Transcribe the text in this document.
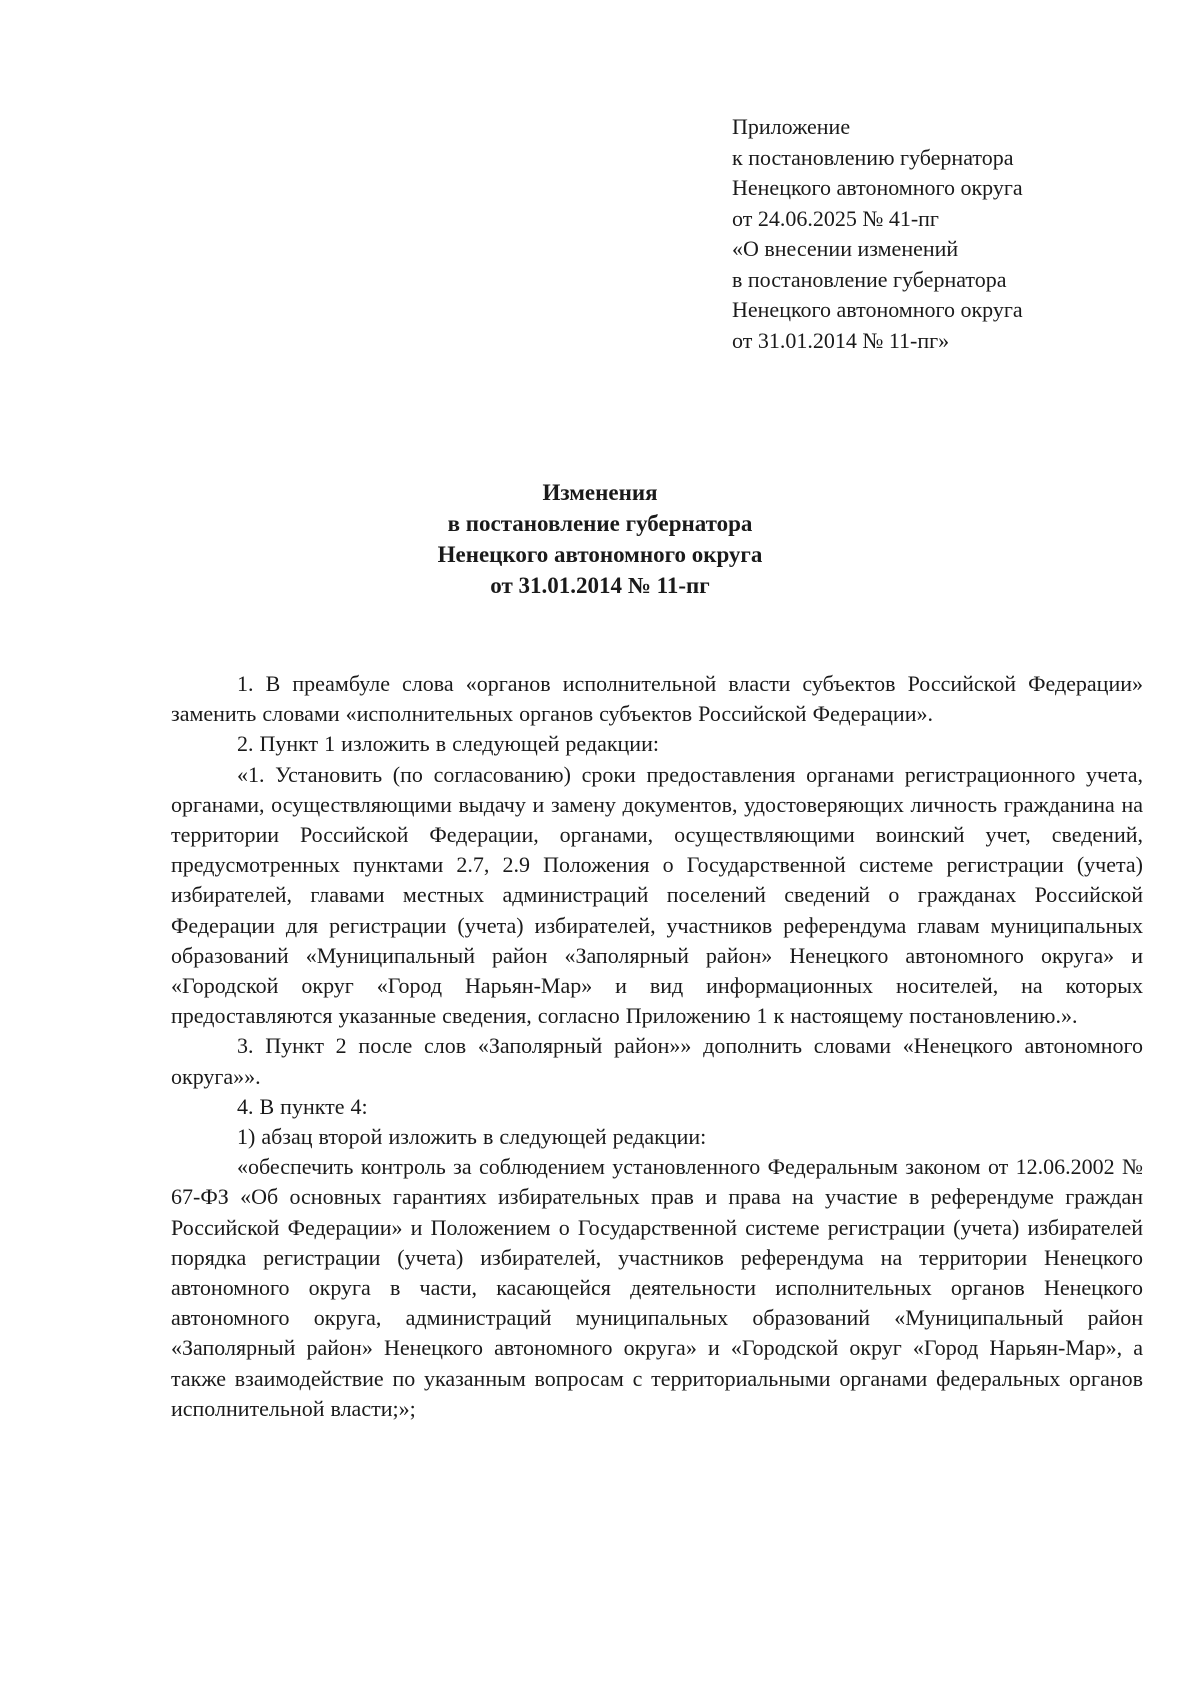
Приложение
к постановлению губернатора
Ненецкого автономного округа
от 24.06.2025 № 41-пг
«О внесении изменений
в постановление губернатора
Ненецкого автономного округа
от 31.01.2014 № 11-пг»
Изменения
в постановление губернатора
Ненецкого автономного округа
от 31.01.2014 № 11-пг

1. В преамбуле слова «органов исполнительной власти субъектов Российской Федерации» заменить словами «исполнительных органов субъектов Российской Федерации».

2. Пункт 1 изложить в следующей редакции:

«1. Установить (по согласованию) сроки предоставления органами регистрационного учета, органами, осуществляющими выдачу и замену документов, удостоверяющих личность гражданина на территории Российской Федерации, органами, осуществляющими воинский учет, сведений, предусмотренных пунктами 2.7, 2.9 Положения о Государственной системе регистрации (учета) избирателей, главами местных администраций поселений сведений о гражданах Российской Федерации для регистрации (учета) избирателей, участников референдума главам муниципальных образований «Муниципальный район «Заполярный район» Ненецкого автономного округа» и «Городской округ «Город Нарьян-Мар» и вид информационных носителей, на которых предоставляются указанные сведения, согласно Приложению 1 к настоящему постановлению.».

3. Пункт 2 после слов «Заполярный район»» дополнить словами «Ненецкого автономного округа»».

4. В пункте 4:

1) абзац второй изложить в следующей редакции:

«обеспечить контроль за соблюдением установленного Федеральным законом от 12.06.2002 № 67-ФЗ «Об основных гарантиях избирательных прав и права на участие в референдуме граждан Российской Федерации» и Положением о Государственной системе регистрации (учета) избирателей порядка регистрации (учета) избирателей, участников референдума на территории Ненецкого автономного округа в части, касающейся деятельности исполнительных органов Ненецкого автономного округа, администраций муниципальных образований «Муниципальный район «Заполярный район» Ненецкого автономного округа» и «Городской округ «Город Нарьян-Мар», а также взаимодействие по указанным вопросам с территориальными органами федеральных органов исполнительной власти;»;
